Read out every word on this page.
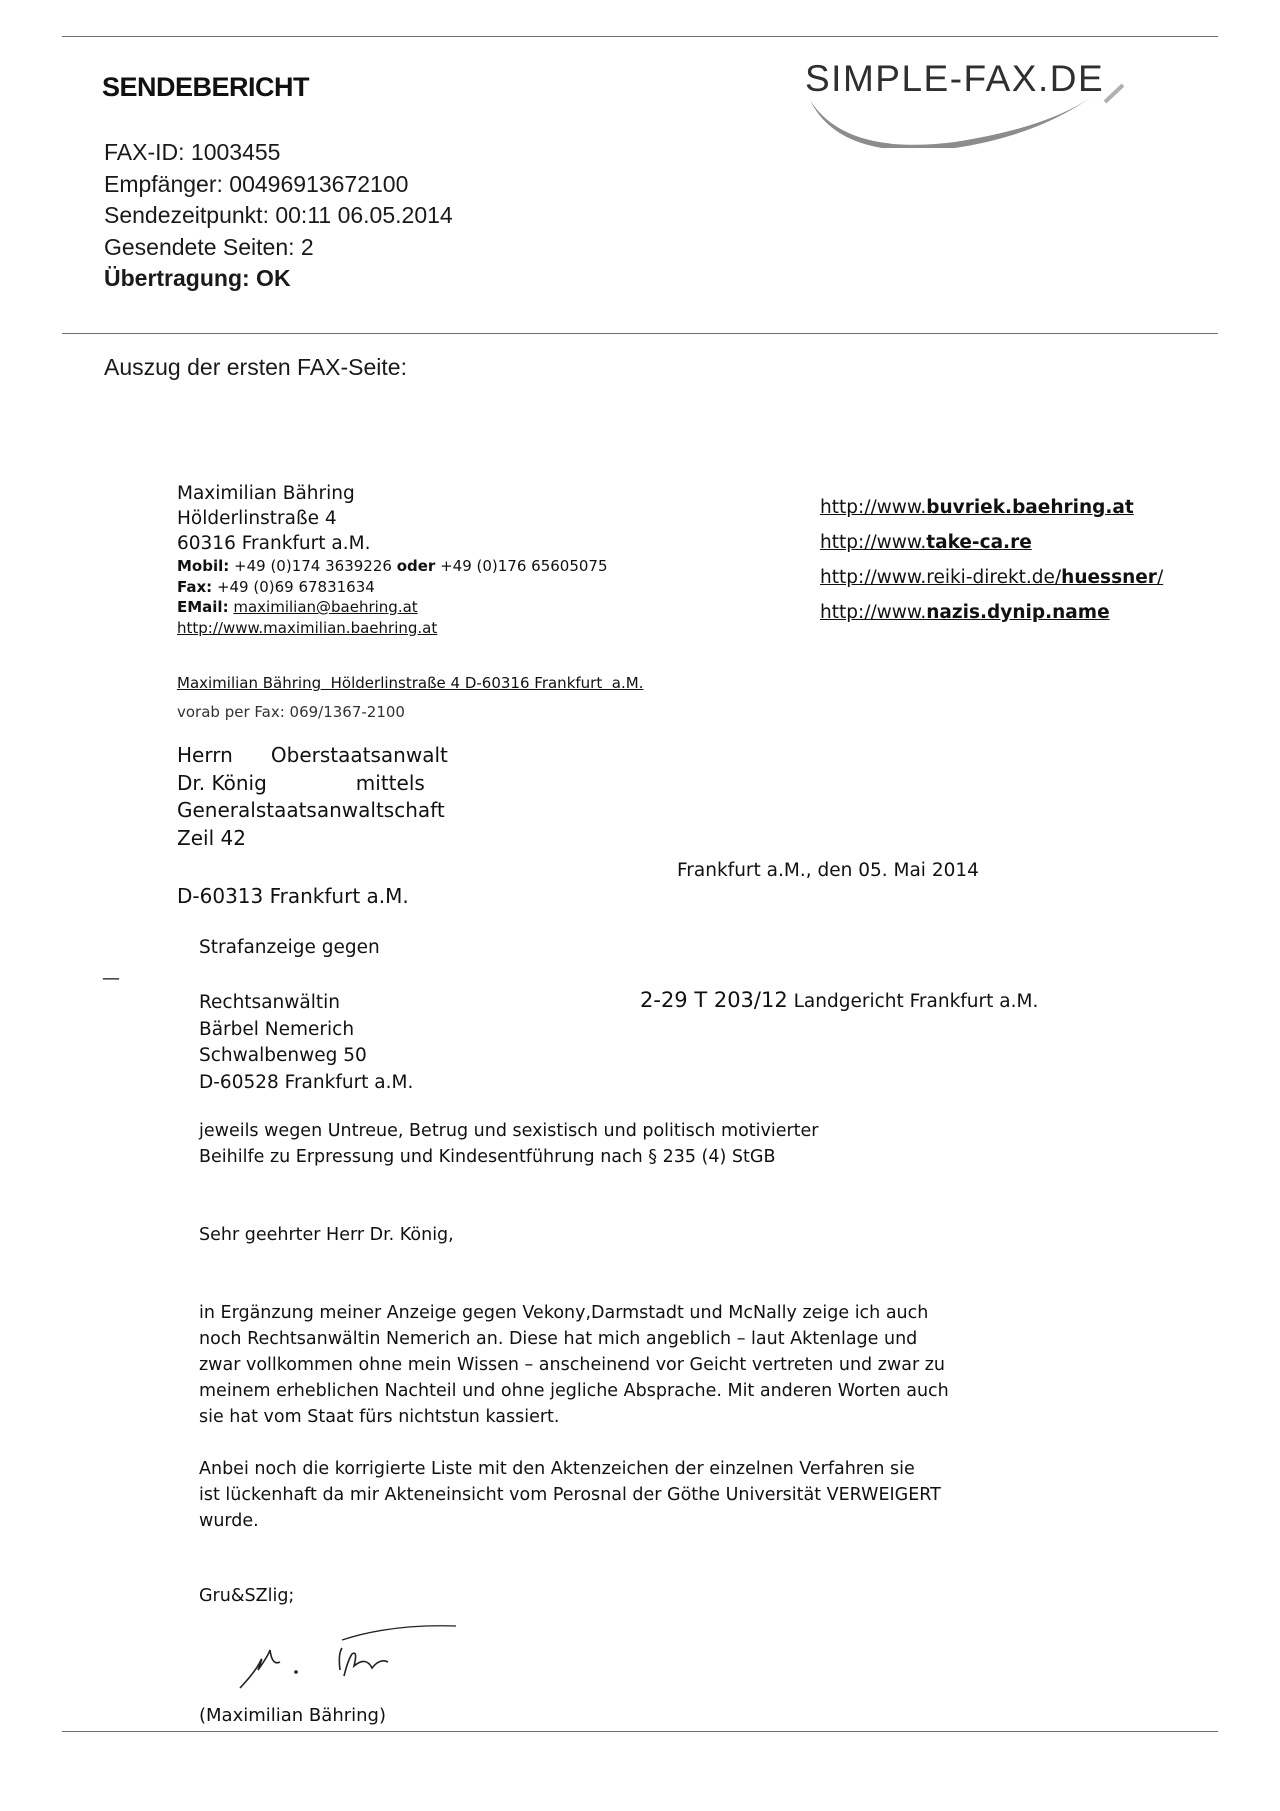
SENDEBERICHT	SIMPLE-FAX.DE
FAX-ID: 1003455
Empfänger: 00496913672100
Sendezeitpunkt: 00:11 06.05.2014
Gesendete Seiten: 2
Übertragung: OK
Auszug der ersten FAX-Seite:
Maximilian Bähring
Hölderlinstraße 4
60316 Frankfurt a.M.
Mobil: +49 (0)174 3639226 oder +49 (0)176 65605075
Fax: +49 (0)69 67831634
EMail: maximilian@baehring.at
http://www.maximilian.baehring.at
http://www.buvriek.baehring.at
http://www.take-ca.re
http://www.reiki-direkt.de/huessner/
http://www.nazis.dynip.name
Maximilian Bähring  Hölderlinstraße 4 D-60316 Frankfurt  a.M.
vorab per Fax: 069/1367-2100
Herrn      Oberstaatsanwalt
Dr. König              mittels
Generalstaatsanwaltschaft
Zeil 42
Frankfurt a.M., den 05. Mai 2014
D-60313 Frankfurt a.M.
Strafanzeige gegen
—
Rechtsanwältin
Bärbel Nemerich
Schwalbenweg 50
D-60528 Frankfurt a.M.
2-29 T 203/12 Landgericht Frankfurt a.M.
jeweils wegen Untreue, Betrug und sexistisch und politisch motivierter
Beihilfe zu Erpressung und Kindesentführung nach § 235 (4) StGB
Sehr geehrter Herr Dr. König,
in Ergänzung meiner Anzeige gegen Vekony,Darmstadt und McNally zeige ich auch
noch Rechtsanwältin Nemerich an. Diese hat mich angeblich – laut Aktenlage und
zwar vollkommen ohne mein Wissen – anscheinend vor Geicht vertreten und zwar zu
meinem erheblichen Nachteil und ohne jegliche Absprache. Mit anderen Worten auch
sie hat vom Staat fürs nichtstun kassiert.
Anbei noch die korrigierte Liste mit den Aktenzeichen der einzelnen Verfahren sie
ist lückenhaft da mir Akteneinsicht vom Perosnal der Göthe Universität VERWEIGERT
wurde.
Gru&SZlig;
(Maximilian Bähring)
